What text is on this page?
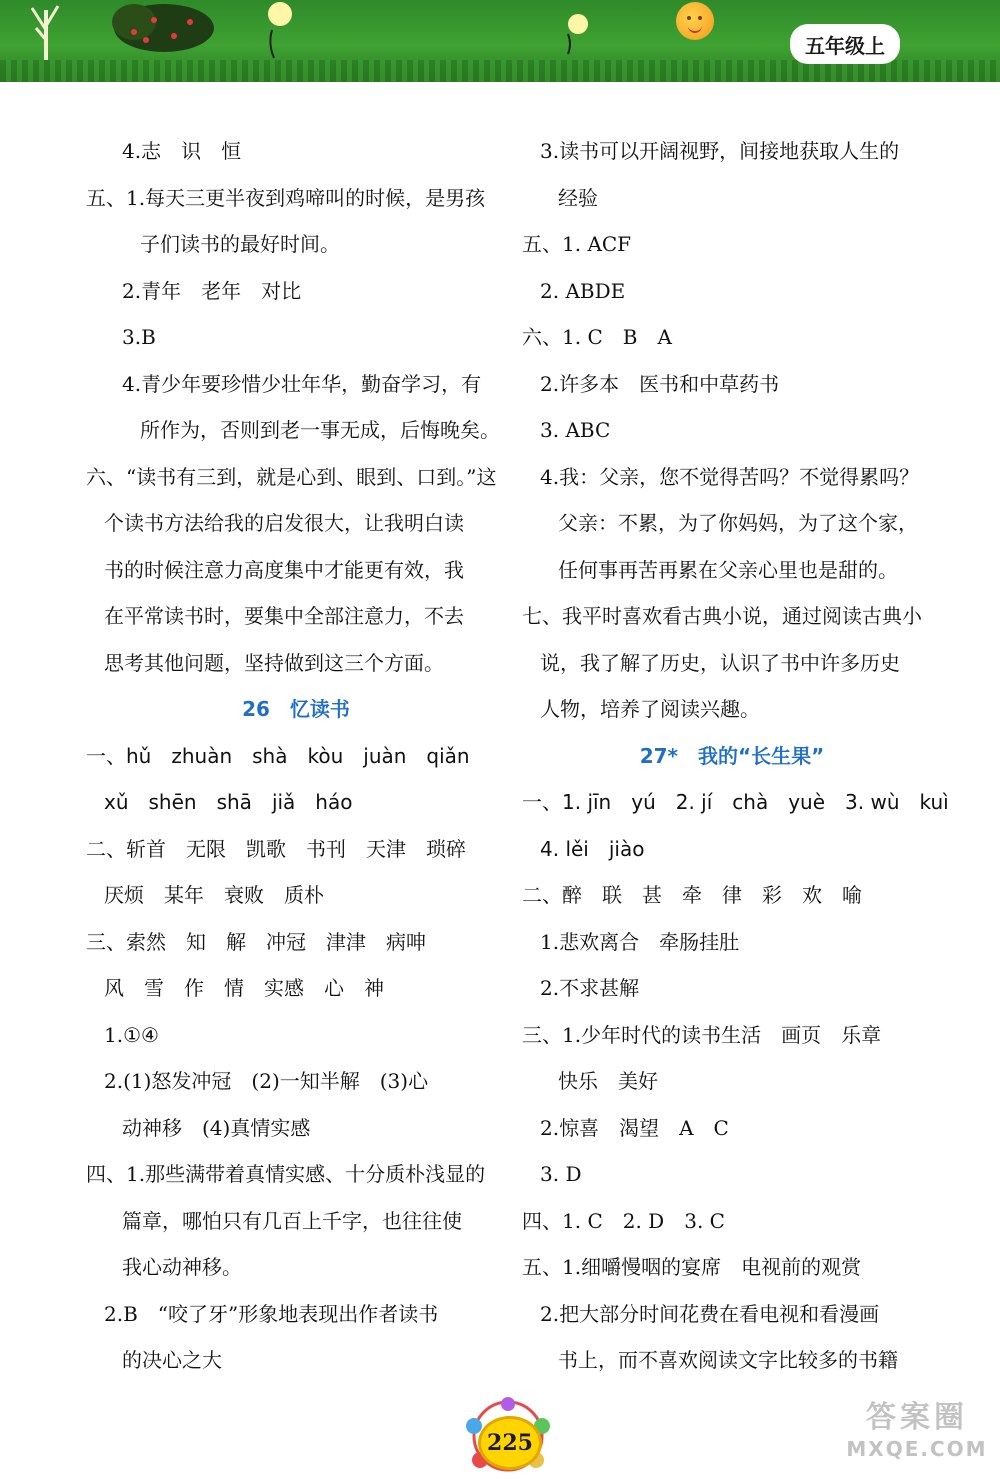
五年级上
4.志　识　恒
五、1.每天三更半夜到鸡啼叫的时候，是男孩
子们读书的最好时间。
2.青年　老年　对比
3.B
4.青少年要珍惜少壮年华，勤奋学习，有
所作为，否则到老一事无成，后悔晚矣。
六、“读书有三到，就是心到、眼到、口到。”这
个读书方法给我的启发很大，让我明白读
书的时候注意力高度集中才能更有效，我
在平常读书时，要集中全部注意力，不去
思考其他问题，坚持做到这三个方面。
26　忆读书
一、hǔ　zhuàn　shà　kòu　juàn　qiǎn
xǔ　shēn　shā　jiǎ　háo
二、斩首　无限　凯歌　书刊　天津　琐碎
厌烦　某年　衰败　质朴
三、索然　知　解　冲冠　津津　病呻
风　雪　作　情　实感　心　神
1.①④
2.(1)怒发冲冠　(2)一知半解　(3)心
动神移　(4)真情实感
四、1.那些满带着真情实感、十分质朴浅显的
篇章，哪怕只有几百上千字，也往往使
我心动神移。
2.B　“咬了牙”形象地表现出作者读书
的决心之大
3.读书可以开阔视野，间接地获取人生的
经验
五、1. ACF
2. ABDE
六、1. C　B　A
2.许多本　医书和中草药书
3. ABC
4.我：父亲，您不觉得苦吗？不觉得累吗？
父亲：不累，为了你妈妈，为了这个家，
任何事再苦再累在父亲心里也是甜的。
七、我平时喜欢看古典小说，通过阅读古典小
说，我了解了历史，认识了书中许多历史
人物，培养了阅读兴趣。
27*　我的“长生果”
一、1. jīn　yú　2. jí　chà　yuè　3. wù　kuì
4. lěi　jiào
二、醉　联　甚　牵　律　彩　欢　喻
1.悲欢离合　牵肠挂肚
2.不求甚解
三、1.少年时代的读书生活　画页　乐章
快乐　美好
2.惊喜　渴望　A　C
3. D
四、1. C　2. D　3. C
五、1.细嚼慢咽的宴席　电视前的观赏
2.把大部分时间花费在看电视和看漫画
书上，而不喜欢阅读文字比较多的书籍
225
答案圈
MXQE.COM
